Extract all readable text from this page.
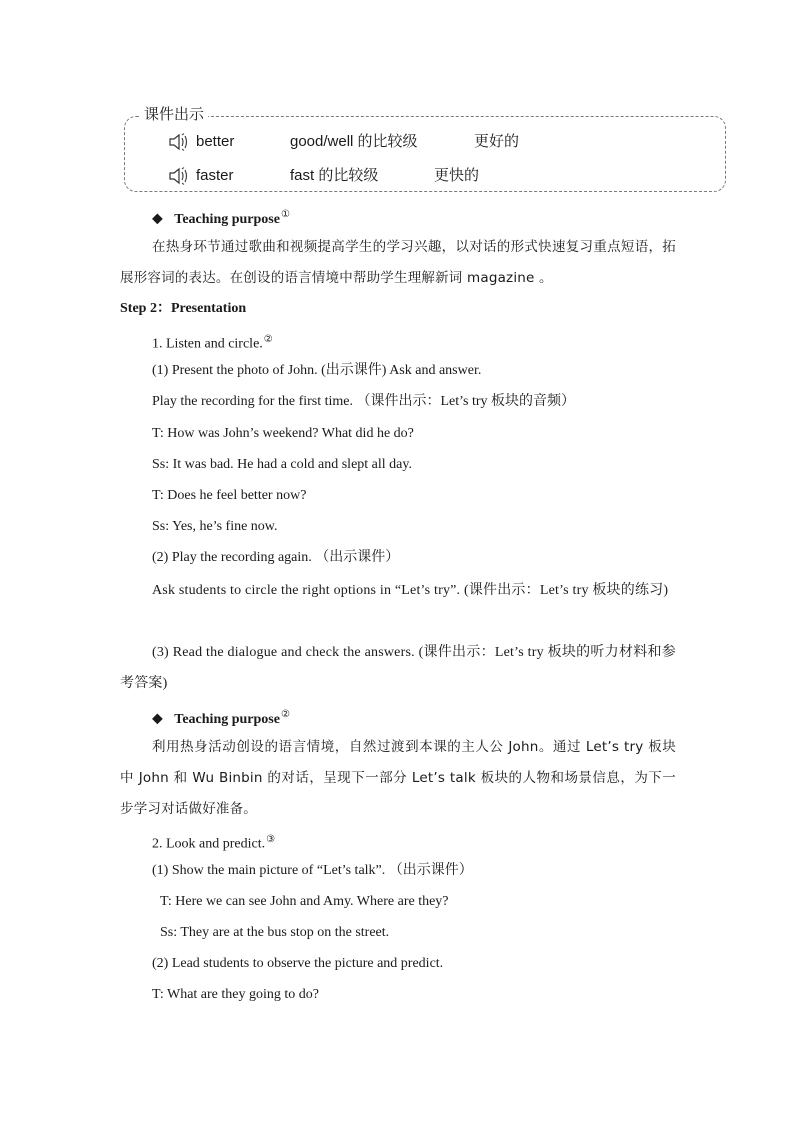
课件出示
better	good/well 的比较级	更好的
faster	fast 的比较级	更快的
◆ Teaching purpose①
在热身环节通过歌曲和视频提高学生的学习兴趣，以对话的形式快速复习重点短语，拓展形容词的表达。在创设的语言情境中帮助学生理解新词 magazine 。
Step 2：Presentation
1. Listen and circle.②
(1) Present the photo of John. (出示课件) Ask and answer.
Play the recording for the first time. （课件出示：Let’s try 板块的音频）
T: How was John’s weekend? What did he do?
Ss: It was bad. He had a cold and slept all day.
T: Does he feel better now?
Ss: Yes, he’s fine now.
(2) Play the recording again. （出示课件）
Ask students to circle the right options in “Let’s try”. (课件出示：Let’s try 板块的练习)
(3) Read the dialogue and check the answers. (课件出示：Let’s try 板块的听力材料和参考答案)
◆ Teaching purpose②
利用热身活动创设的语言情境，自然过渡到本课的主人公 John。通过 Let’s try 板块中 John 和 Wu Binbin 的对话，呈现下一部分 Let’s talk 板块的人物和场景信息，为下一步学习对话做好准备。
2. Look and predict.③
(1) Show the main picture of “Let’s talk”. （出示课件）
T: Here we can see John and Amy. Where are they?
Ss: They are at the bus stop on the street.
(2) Lead students to observe the picture and predict.
T: What are they going to do?
